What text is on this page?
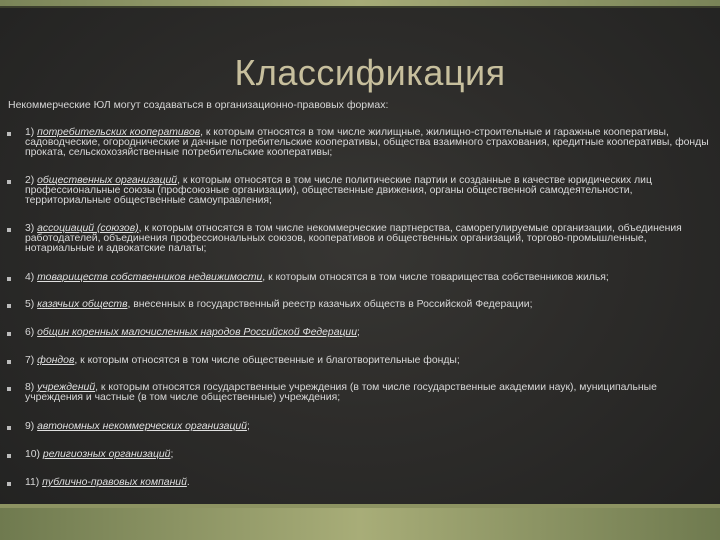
Классификация
Некоммерческие ЮЛ могут создаваться в организационно-правовых формах:
1) потребительских кооперативов, к которым относятся в том числе жилищные, жилищно-строительные и гаражные кооперативы, садоводческие, огороднические и дачные потребительские кооперативы, общества взаимного страхования, кредитные кооперативы, фонды проката, сельскохозяйственные потребительские кооперативы;
2) общественных организаций, к которым относятся в том числе политические партии и созданные в качестве юридических лиц профессиональные союзы (профсоюзные организации), общественные движения, органы общественной самодеятельности, территориальные общественные самоуправления;
3) ассоциаций (союзов), к которым относятся в том числе некоммерческие партнерства, саморегулируемые организации, объединения работодателей, объединения профессиональных союзов, кооперативов и общественных организаций, торгово-промышленные, нотариальные и адвокатские палаты;
4) товариществ собственников недвижимости, к которым относятся в том числе товарищества собственников жилья;
5) казачьих обществ, внесенных в государственный реестр казачьих обществ в Российской Федерации;
6) общин коренных малочисленных народов Российской Федерации;
7) фондов, к которым относятся в том числе общественные и благотворительные фонды;
8) учреждений, к которым относятся государственные учреждения (в том числе государственные академии наук), муниципальные учреждения и частные (в том числе общественные) учреждения;
9) автономных некоммерческих организаций;
10) религиозных организаций;
11) публично-правовых компаний.
